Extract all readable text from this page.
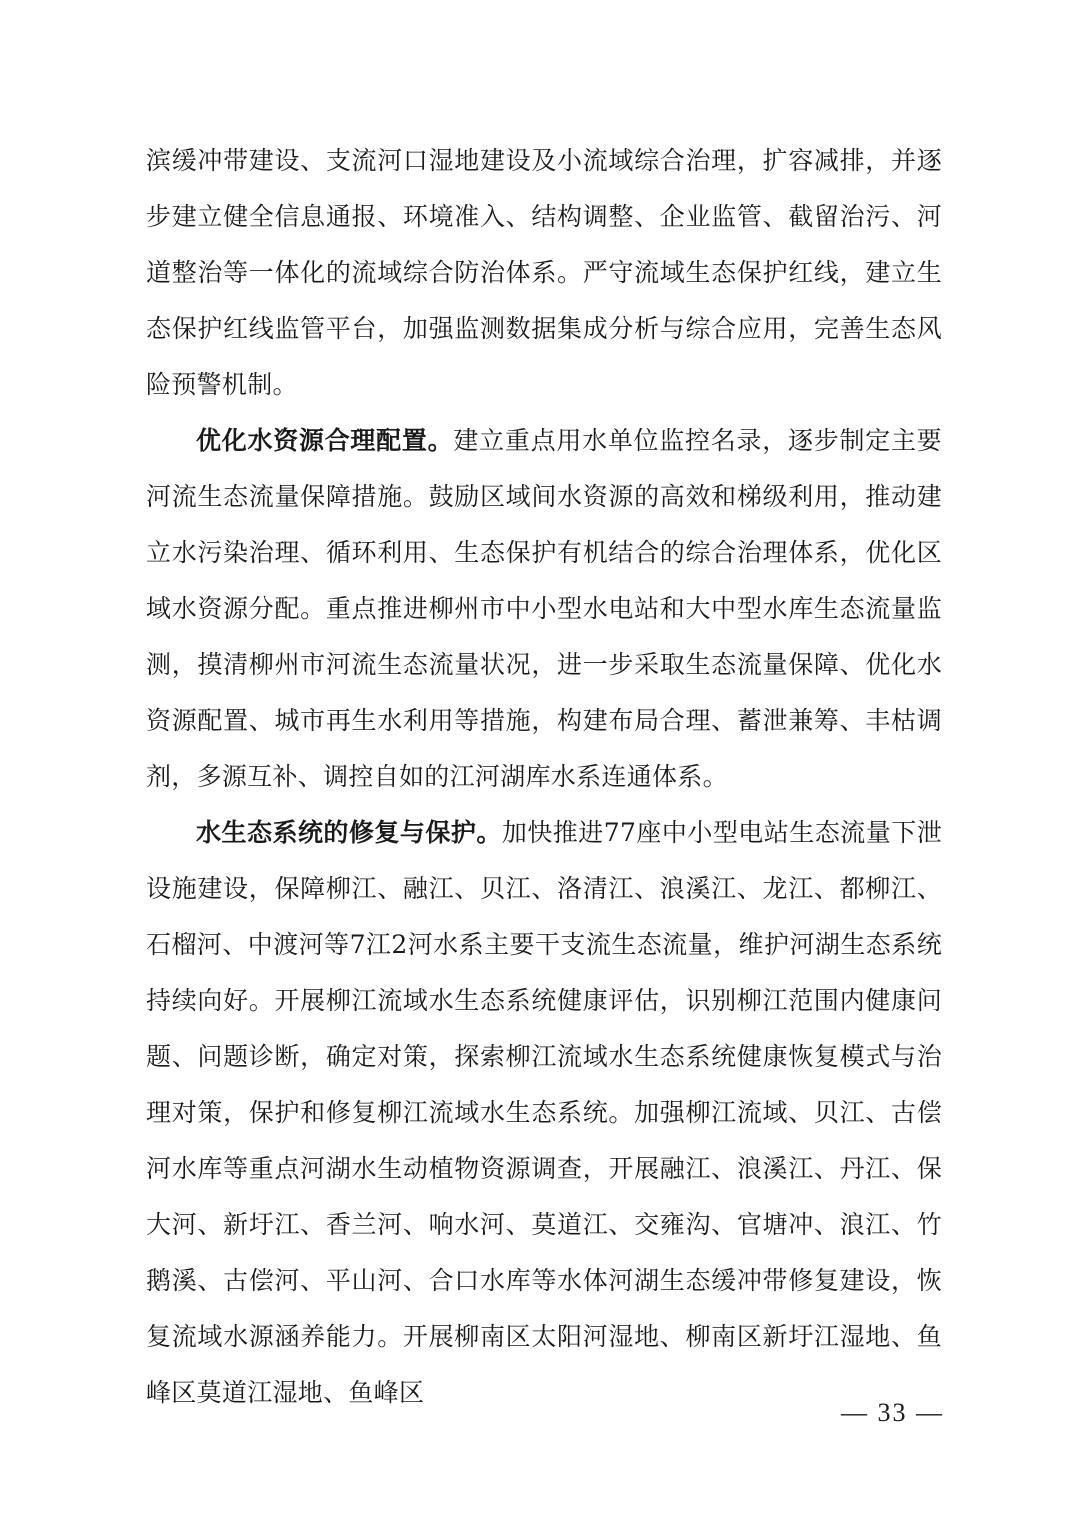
滨缓冲带建设、支流河口湿地建设及小流域综合治理，扩容减排，并逐步建立健全信息通报、环境准入、结构调整、企业监管、截留治污、河道整治等一体化的流域综合防治体系。严守流域生态保护红线，建立生态保护红线监管平台，加强监测数据集成分析与综合应用，完善生态风险预警机制。

优化水资源合理配置。建立重点用水单位监控名录，逐步制定主要河流生态流量保障措施。鼓励区域间水资源的高效和梯级利用，推动建立水污染治理、循环利用、生态保护有机结合的综合治理体系，优化区域水资源分配。重点推进柳州市中小型水电站和大中型水库生态流量监测，摸清柳州市河流生态流量状况，进一步采取生态流量保障、优化水资源配置、城市再生水利用等措施，构建布局合理、蓄泄兼筹、丰枯调剂，多源互补、调控自如的江河湖库水系连通体系。

水生态系统的修复与保护。加快推进77座中小型电站生态流量下泄设施建设，保障柳江、融江、贝江、洛清江、浪溪江、龙江、都柳江、石榴河、中渡河等7江2河水系主要干支流生态流量，维护河湖生态系统持续向好。开展柳江流域水生态系统健康评估，识别柳江范围内健康问题、问题诊断，确定对策，探索柳江流域水生态系统健康恢复模式与治理对策，保护和修复柳江流域水生态系统。加强柳江流域、贝江、古偿河水库等重点河湖水生动植物资源调查，开展融江、浪溪江、丹江、保大河、新圩江、香兰河、响水河、莫道江、交雍沟、官塘冲、浪江、竹鹅溪、古偿河、平山河、合口水库等水体河湖生态缓冲带修复建设，恢复流域水源涵养能力。开展柳南区太阳河湿地、柳南区新圩江湿地、鱼峰区莫道江湿地、鱼峰区

— 33 —
